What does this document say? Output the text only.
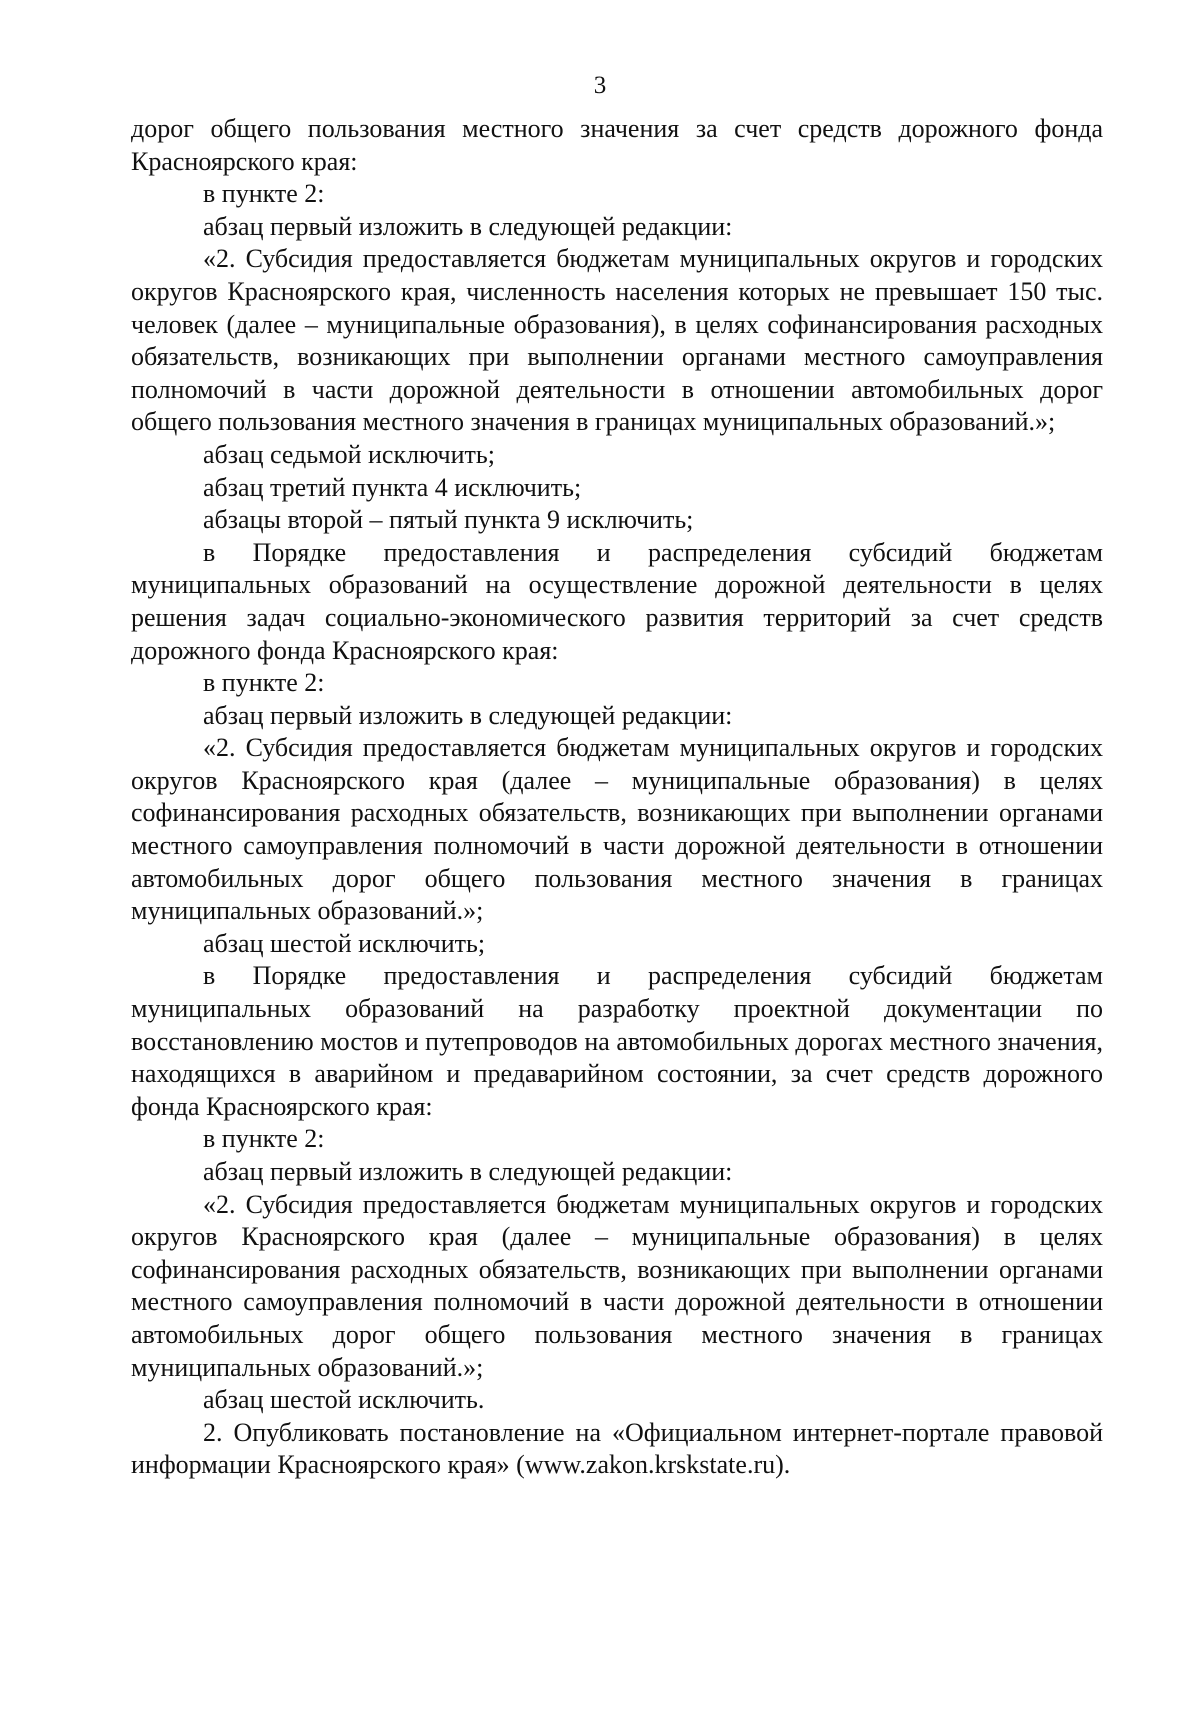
3

дорог общего пользования местного значения за счет средств дорожного фонда Красноярского края:

в пункте 2:

абзац первый изложить в следующей редакции:

«2. Субсидия предоставляется бюджетам муниципальных округов и городских округов Красноярского края, численность населения которых не превышает 150 тыс. человек (далее – муниципальные образования), в целях софинансирования расходных обязательств, возникающих при выполнении органами местного самоуправления полномочий в части дорожной деятельности в отношении автомобильных дорог общего пользования местного значения в границах муниципальных образований.»;

абзац седьмой исключить;

абзац третий пункта 4 исключить;

абзацы второй – пятый пункта 9 исключить;

в Порядке предоставления и распределения субсидий бюджетам муниципальных образований на осуществление дорожной деятельности в целях решения задач социально-экономического развития территорий за счет средств дорожного фонда Красноярского края:

в пункте 2:

абзац первый изложить в следующей редакции:

«2. Субсидия предоставляется бюджетам муниципальных округов и городских округов Красноярского края (далее – муниципальные образования) в целях софинансирования расходных обязательств, возникающих при выполнении органами местного самоуправления полномочий в части дорожной деятельности в отношении автомобильных дорог общего пользования местного значения в границах муниципальных образований.»;

абзац шестой исключить;

в Порядке предоставления и распределения субсидий бюджетам муниципальных образований на разработку проектной документации по восстановлению мостов и путепроводов на автомобильных дорогах местного значения, находящихся в аварийном и предаварийном состоянии, за счет средств дорожного фонда Красноярского края:

в пункте 2:

абзац первый изложить в следующей редакции:

«2. Субсидия предоставляется бюджетам муниципальных округов и городских округов Красноярского края (далее – муниципальные образования) в целях софинансирования расходных обязательств, возникающих при выполнении органами местного самоуправления полномочий в части дорожной деятельности в отношении автомобильных дорог общего пользования местного значения в границах муниципальных образований.»;

абзац шестой исключить.

2. Опубликовать постановление на «Официальном интернет-портале правовой информации Красноярского края» (www.zakon.krskstate.ru).
